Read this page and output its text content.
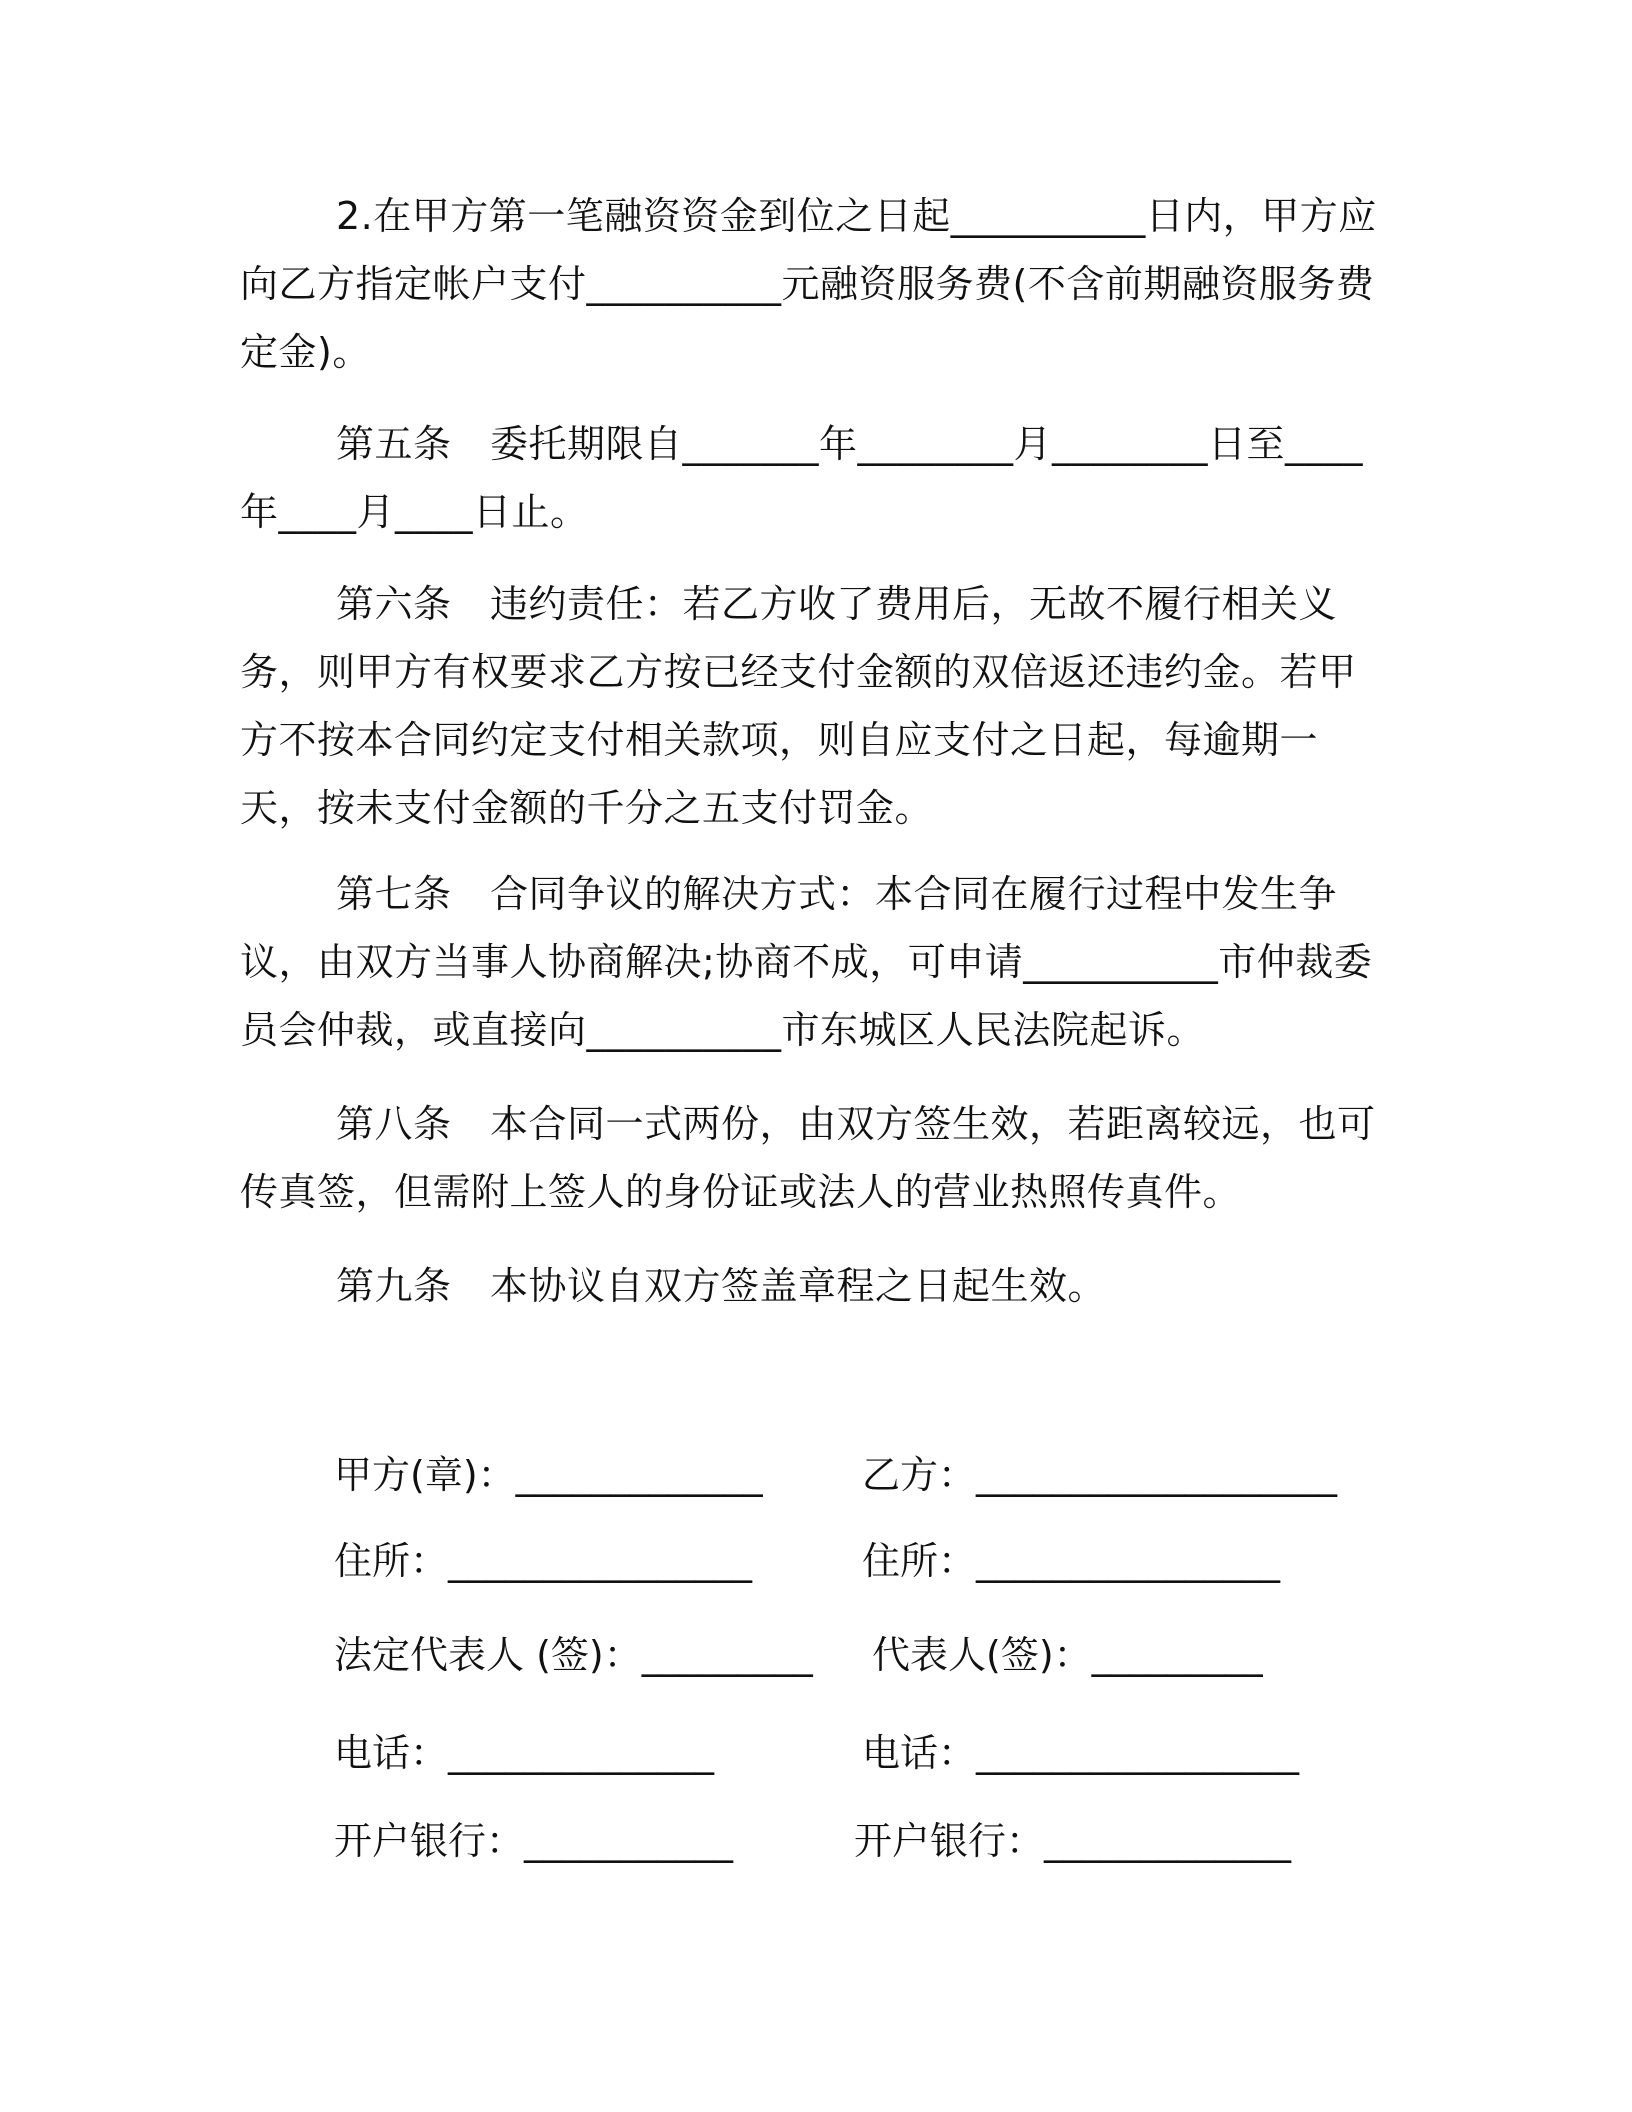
2.在甲方第一笔融资资金到位之日起__________日内，甲方应向乙方指定帐户支付__________元融资服务费(不含前期融资服务费定金)。

第五条　委托期限自_______年________月________日至____年____月____日止。

第六条　违约责任：若乙方收了费用后，无故不履行相关义务，则甲方有权要求乙方按已经支付金额的双倍返还违约金。若甲方不按本合同约定支付相关款项，则自应支付之日起，每逾期一天，按未支付金额的千分之五支付罚金。

第七条　合同争议的解决方式：本合同在履行过程中发生争议，由双方当事人协商解决;协商不成，可申请__________市仲裁委员会仲裁，或直接向__________市东城区人民法院起诉。

第八条　本合同一式两份，由双方签生效，若距离较远，也可传真签，但需附上签人的身份证或法人的营业热照传真件。

第九条　本协议自双方签盖章程之日起生效。

甲方(章)：_____________	乙方：___________________

住所：________________	住所：________________

法定代表人 (签)：_________ 代表人(签)：_________

电话：______________	电话：_________________

开户银行：___________	开户银行：_____________
